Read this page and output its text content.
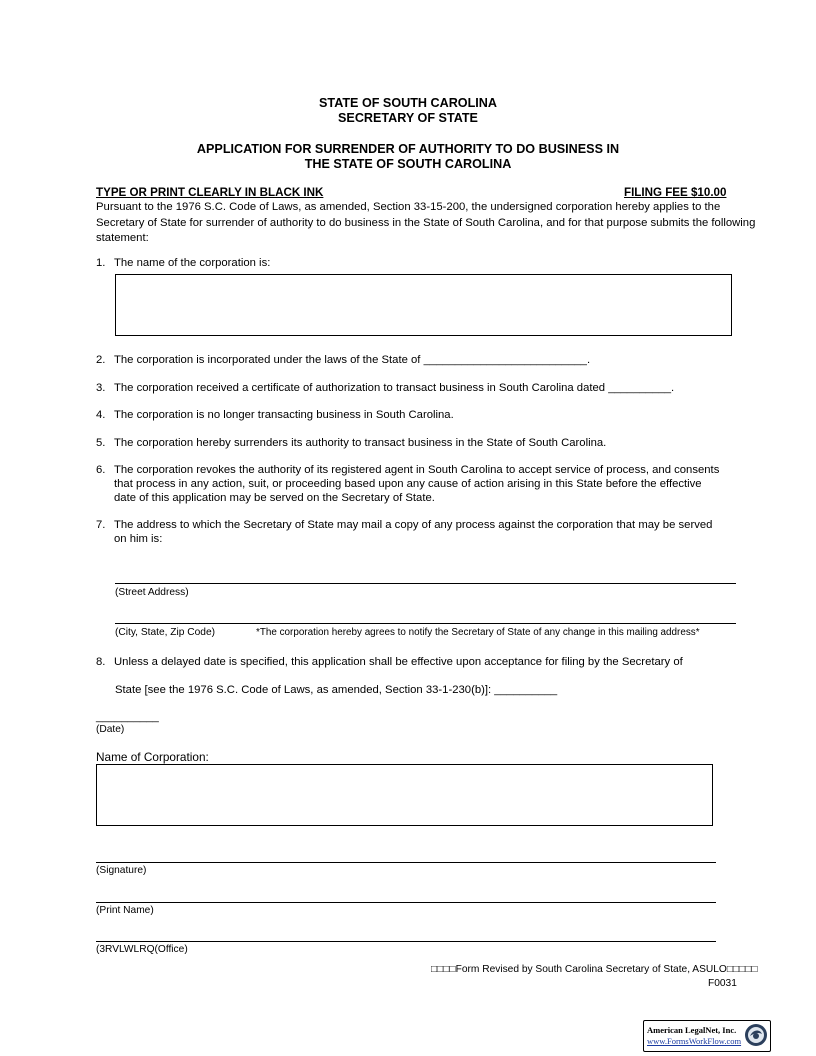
STATE OF SOUTH CAROLINA
SECRETARY OF STATE
APPLICATION FOR SURRENDER OF AUTHORITY TO DO BUSINESS IN
THE STATE OF SOUTH CAROLINA
TYPE OR PRINT CLEARLY IN BLACK INK	FILING FEE $10.00
Pursuant to the 1976 S.C. Code of Laws, as amended, Section 33-15-200, the undersigned corporation hereby applies to the Secretary of State for surrender of authority to do business in the State of South Carolina, and for that purpose submits the following statement:
1. The name of the corporation is:
2. The corporation is incorporated under the laws of the State of __________________________.
3. The corporation received a certificate of authorization to transact business in South Carolina dated __________.
4. The corporation is no longer transacting business in South Carolina.
5. The corporation hereby surrenders its authority to transact business in the State of South Carolina.
6. The corporation revokes the authority of its registered agent in South Carolina to accept service of process, and consents that process in any action, suit, or proceeding based upon any cause of action arising in this State before the effective date of this application may be served on the Secretary of State.
7. The address to which the Secretary of State may mail a copy of any process against the corporation that may be served on him is:
(Street Address)
(City, State, Zip Code)	*The corporation hereby agrees to notify the Secretary of State of any change in this mailing address*
8. Unless a delayed date is specified, this application shall be effective upon acceptance for filing by the Secretary of
State [see the 1976 S.C. Code of Laws, as amended, Section 33-1-230(b)]: __________
__________
(Date)
Name of Corporation:
(Signature)
(Print Name)
(3RVLWLRQ(Office)
□□□□Form Revised by South Carolina Secretary of State, ASULO□□□□□
F0031
American LegalNet, Inc.
www.FormsWorkFlow.com
